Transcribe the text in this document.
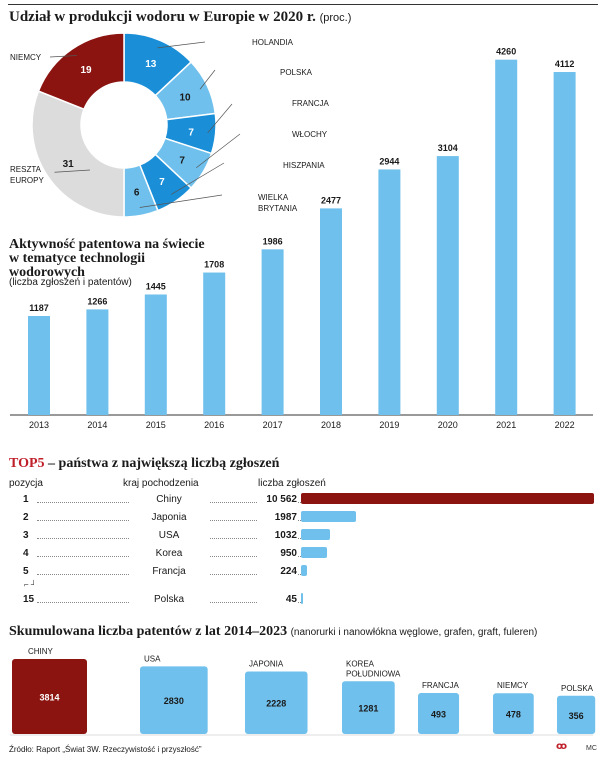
Udział w produkcji wodoru w Europie w 2020 r. (proc.)
13
HOLANDIA
10
POLSKA
7
FRANCJA
7
WŁOCHY
7
HISZPANIA
6	WIELKA
BRYTANIA
31
RESZTA
EUROPY
19
NIEMCY
1187
2013
1266
2014
1445
2015
1708
2016
1986
2017
2477
2018
2944
2019
3104
2020
4260
2021
4112
2022
3814
CHINY
2830
USA
2228
JAPONIA
1281
KOREA
POŁUDNIOWA
493
FRANCJA
478
NIEMCY
356
POLSKA
Aktywność patentowa na świecie
w tematyce technologii
wodorowych
(liczba zgłoszeń i patentów)
TOP5 – państwa z największą liczbą zgłoszeń
pozycja	kraj pochodzenia	liczba zgłoszeń
1	Chiny	10 562
2	Japonia	1987
3	USA	1032
4	Korea	950
5	Francja	224
15	Polska	45
⌐ ┘
Skumulowana liczba patentów z lat 2014–2023 (nanorurki i nanowłókna węglowe, grafen, graft, fuleren)
Źródło: Raport „Świat 3W. Rzeczywistość i przyszłość”	ꝏ	MC
